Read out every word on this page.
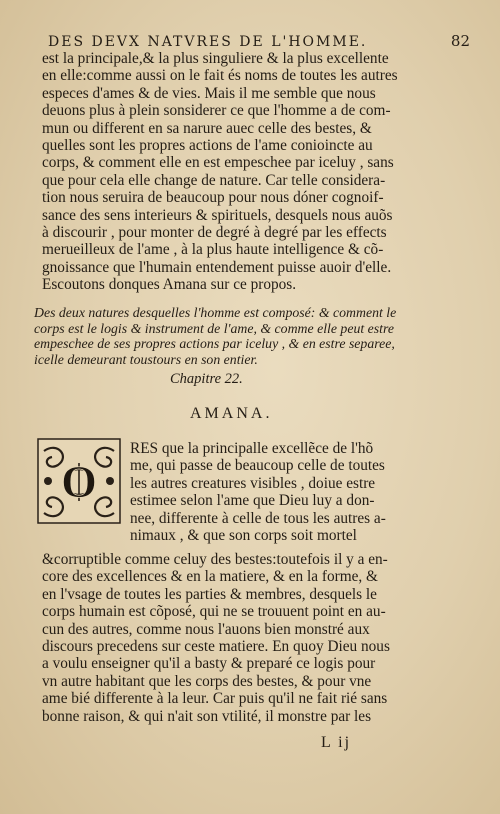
DES DEVX NATVRES DE L'HOMME.	82

est la principale,& la plus singuliere & la plus excellente

en elle:comme aussi on le fait és noms de toutes les autres

especes d'ames & de vies. Mais il me semble que nous

deuons plus à plein sonsiderer ce que l'homme a de com-

mun ou different en sa narure auec celle des bestes, &

quelles sont les propres actions de l'ame conioincte au

corps, & comment elle en est empeschee par iceluy , sans

que pour cela elle change de nature. Car telle considera-

tion nous seruira de beaucoup pour nous dóner cognoif-

sance des sens interieurs & spirituels, desquels nous auõs

à discourir , pour monter de degré à degré par les effects

merueilleux de l'ame , à la plus haute intelligence & cõ-

gnoissance que l'humain entendement puisse auoir d'elle.

Escoutons donques Amana sur ce propos.

Des deux natures desquelles l'homme est composé: & comment le

corps est le logis & instrument de l'ame, & comme elle peut estre

empeschee de ses propres actions par iceluy , & en estre separee,

icelle demeurant toustours en son entier.

Chapitre 22.
AMANA.
O

RES que la principalle excellẽce de l'hõ

me, qui passe de beaucoup celle de toutes

les autres creatures visibles , doiue estre

estimee selon l'ame que Dieu luy a don-

nee, differente à celle de tous les autres a-

nimaux , & que son corps soit mortel

&corruptible comme celuy des bestes:toutefois il y a en-

core des excellences & en la matiere, & en la forme, &

en l'vsage de toutes les parties & membres, desquels le

corps humain est cõposé, qui ne se trouuent point en au-

cun des autres, comme nous l'auons bien monstré aux

discours precedens sur ceste matiere. En quoy Dieu nous

a voulu enseigner qu'il a basty & preparé ce logis pour

vn autre habitant que les corps des bestes, & pour vne

ame bié differente à la leur. Car puis qu'il ne fait rié sans

bonne raison, & qui n'ait son vtilité, il monstre par les

L ij
